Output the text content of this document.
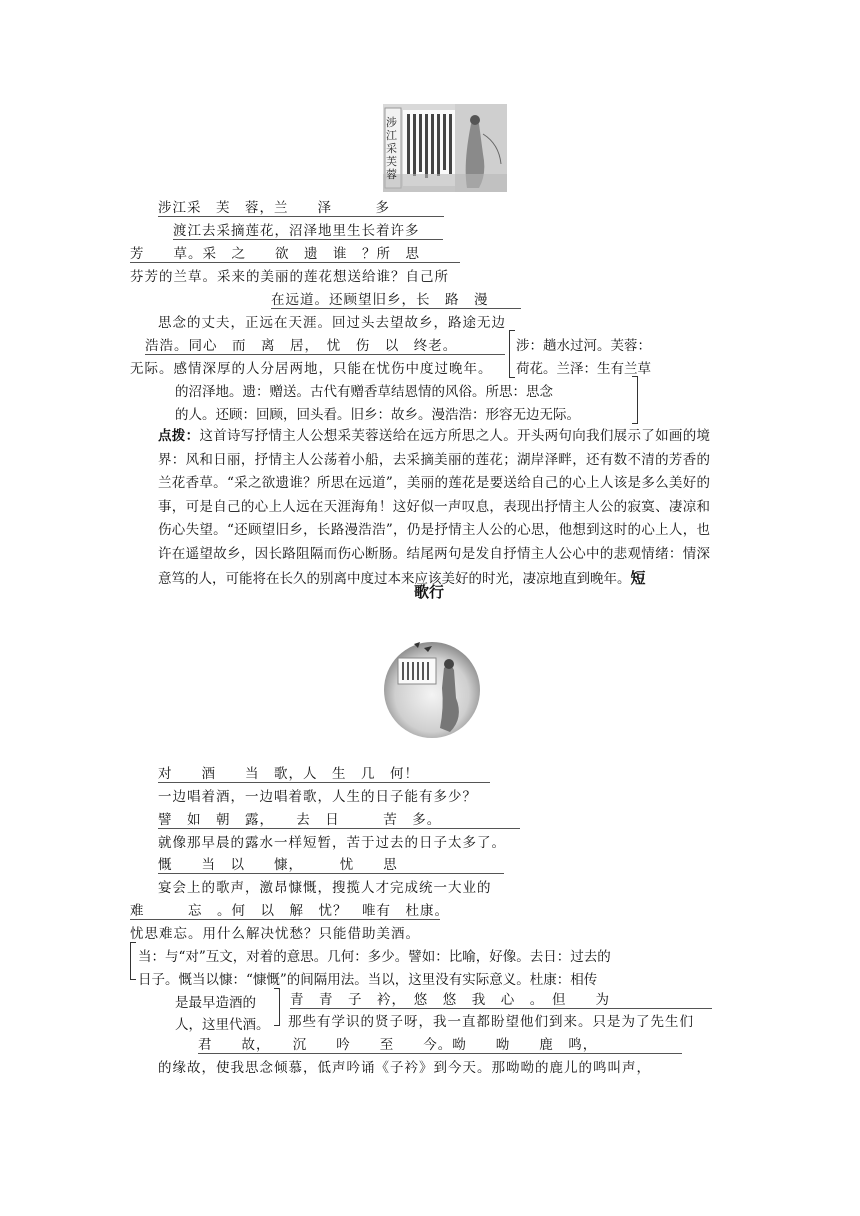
涉江采芙蓉
涉江采　芙　蓉，兰　　泽　　　多
渡江去采摘莲花，沼泽地里生长着许多
芳　　草。采　之　　欲　遗　谁　？所　思
芬芳的兰草。采来的美丽的莲花想送给谁？自己所
在远道。还顾望旧乡，长　路　漫
思念的丈夫，正远在天涯。回过头去望故乡，路途无边
浩浩。同心　而　离　居，　忧　伤　以　终老。
无际。感情深厚的人分居两地，只能在忧伤中度过晚年。
涉：趟水过河。芙蓉：
荷花。兰泽：生有兰草
的沼泽地。遗：赠送。古代有赠香草结恩情的风俗。所思：思念
的人。还顾：回顾，回头看。旧乡：故乡。漫浩浩：形容无边无际。
点拨：这首诗写抒情主人公想采芙蓉送给在远方所思之人。开头两句向我们展示了如画的境界：风和日丽，抒情主人公荡着小船，去采摘美丽的莲花；湖岸泽畔，还有数不清的芳香的兰花香草。“采之欲遗谁？所思在远道”，美丽的莲花是要送给自己的心上人该是多么美好的事，可是自己的心上人远在天涯海角！这好似一声叹息，表现出抒情主人公的寂寞、凄凉和伤心失望。“还顾望旧乡，长路漫浩浩”，仍是抒情主人公的心思，他想到这时的心上人，也许在遥望故乡，因长路阻隔而伤心断肠。结尾两句是发自抒情主人公心中的悲观情绪：情深意笃的人，可能将在长久的别离中度过本来应该美好的时光，凄凉地直到晚年。短
歌行
对　　酒　　当　歌，人　生　几　何！
一边唱着酒，一边唱着歌，人生的日子能有多少？
譬　如　朝　露，　　去　日　　　苦　多。
就像那早晨的露水一样短暂，苦于过去的日子太多了。
慨　　当　以　　慷，　　　忧　　思
宴会上的歌声，激昂慷慨，搜揽人才完成统一大业的
难　　　忘　。何　以　解　忧？　唯有　杜康。
忧思难忘。用什么解决忧愁？只能借助美酒。
当：与“对”互文，对着的意思。几何：多少。譬如：比喻，好像。去日：过去的
日子。慨当以慷：“慷慨”的间隔用法。当以，这里没有实际意义。杜康：相传
是最早造酒的
人，这里代酒。
青　青　子　衿，　悠　悠　我　心　。　但　　为
那些有学识的贤子呀，我一直都盼望他们到来。只是为了先生们
君　　故，　　沉　　吟　　至　　今。呦　　呦　　鹿　鸣，
的缘故，使我思念倾慕，低声吟诵《子衿》到今天。那呦呦的鹿儿的鸣叫声，
